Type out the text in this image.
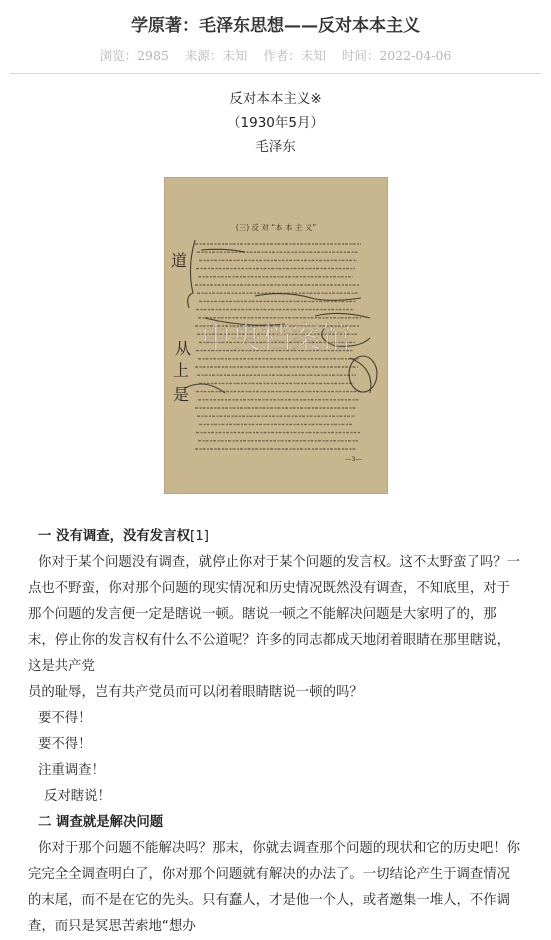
学原著：毛泽东思想——反对本本主义
浏览：2985 来源：未知 作者：未知 时间：2022-04-06
反对本本主义※
（1930年5月）
毛泽东
(三) 反 对 “本 本 主 义”
道
从
上
是
中央档案馆
—3—

一 没有调查，没有发言权[1]

你对于某个问题没有调查，就停止你对于某个问题的发言权。这不太野蛮了吗？一点也不野蛮，你对那个问题的现实情况和历史情况既然没有调查，不知底里，对于那个问题的发言便一定是瞎说一顿。瞎说一顿之不能解决问题是大家明了的，那末，停止你的发言权有什么不公道呢？许多的同志都成天地闭着眼睛在那里瞎说，这是共产党

员的耻辱，岂有共产党员而可以闭着眼睛瞎说一顿的吗？

要不得！

要不得！

注重调查！

反对瞎说！

二 调查就是解决问题

你对于那个问题不能解决吗？那末，你就去调查那个问题的现状和它的历史吧！你完完全全调查明白了，你对那个问题就有解决的办法了。一切结论产生于调查情况的末尾，而不是在它的先头。只有蠢人，才是他一个人，或者邀集一堆人，不作调查，而只是冥思苦索地“想办
